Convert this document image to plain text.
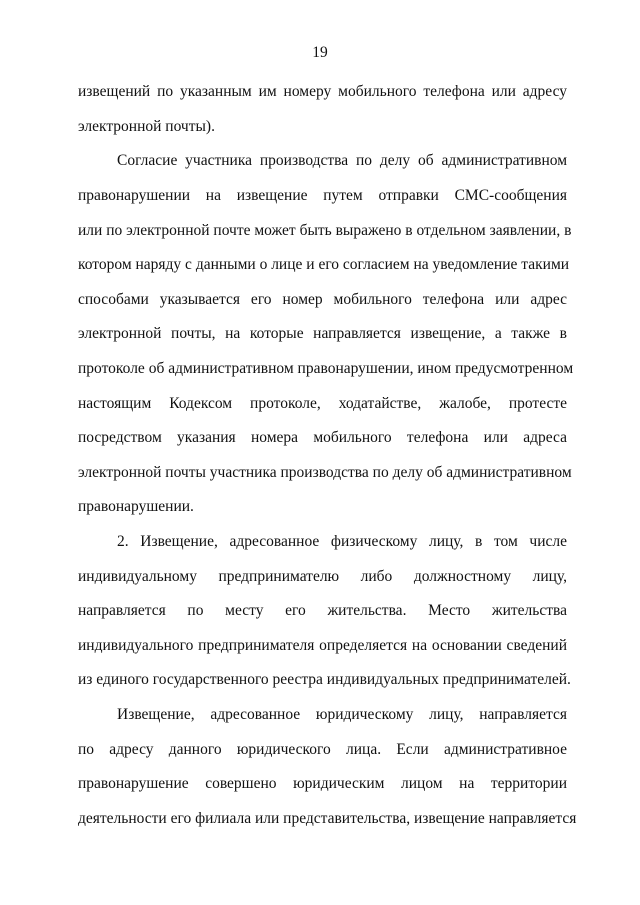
19
извещений по указанным им номеру мобильного телефона или адресу
электронной почты).
Согласие участника производства по делу об административном
правонарушении на извещение путем отправки СМС-сообщения
или по электронной почте может быть выражено в отдельном заявлении, в
котором наряду с данными о лице и его согласием на уведомление такими
способами указывается его номер мобильного телефона или адрес
электронной почты, на которые направляется извещение, а также в
протоколе об административном правонарушении, ином предусмотренном
настоящим Кодексом протоколе, ходатайстве, жалобе, протесте
посредством указания номера мобильного телефона или адреса
электронной почты участника производства по делу об административном
правонарушении.
2. Извещение, адресованное физическому лицу, в том числе
индивидуальному предпринимателю либо должностному лицу,
направляется по месту его жительства. Место жительства
индивидуального предпринимателя определяется на основании сведений
из единого государственного реестра индивидуальных предпринимателей.
Извещение, адресованное юридическому лицу, направляется
по адресу данного юридического лица. Если административное
правонарушение совершено юридическим лицом на территории
деятельности его филиала или представительства, извещение направляется
